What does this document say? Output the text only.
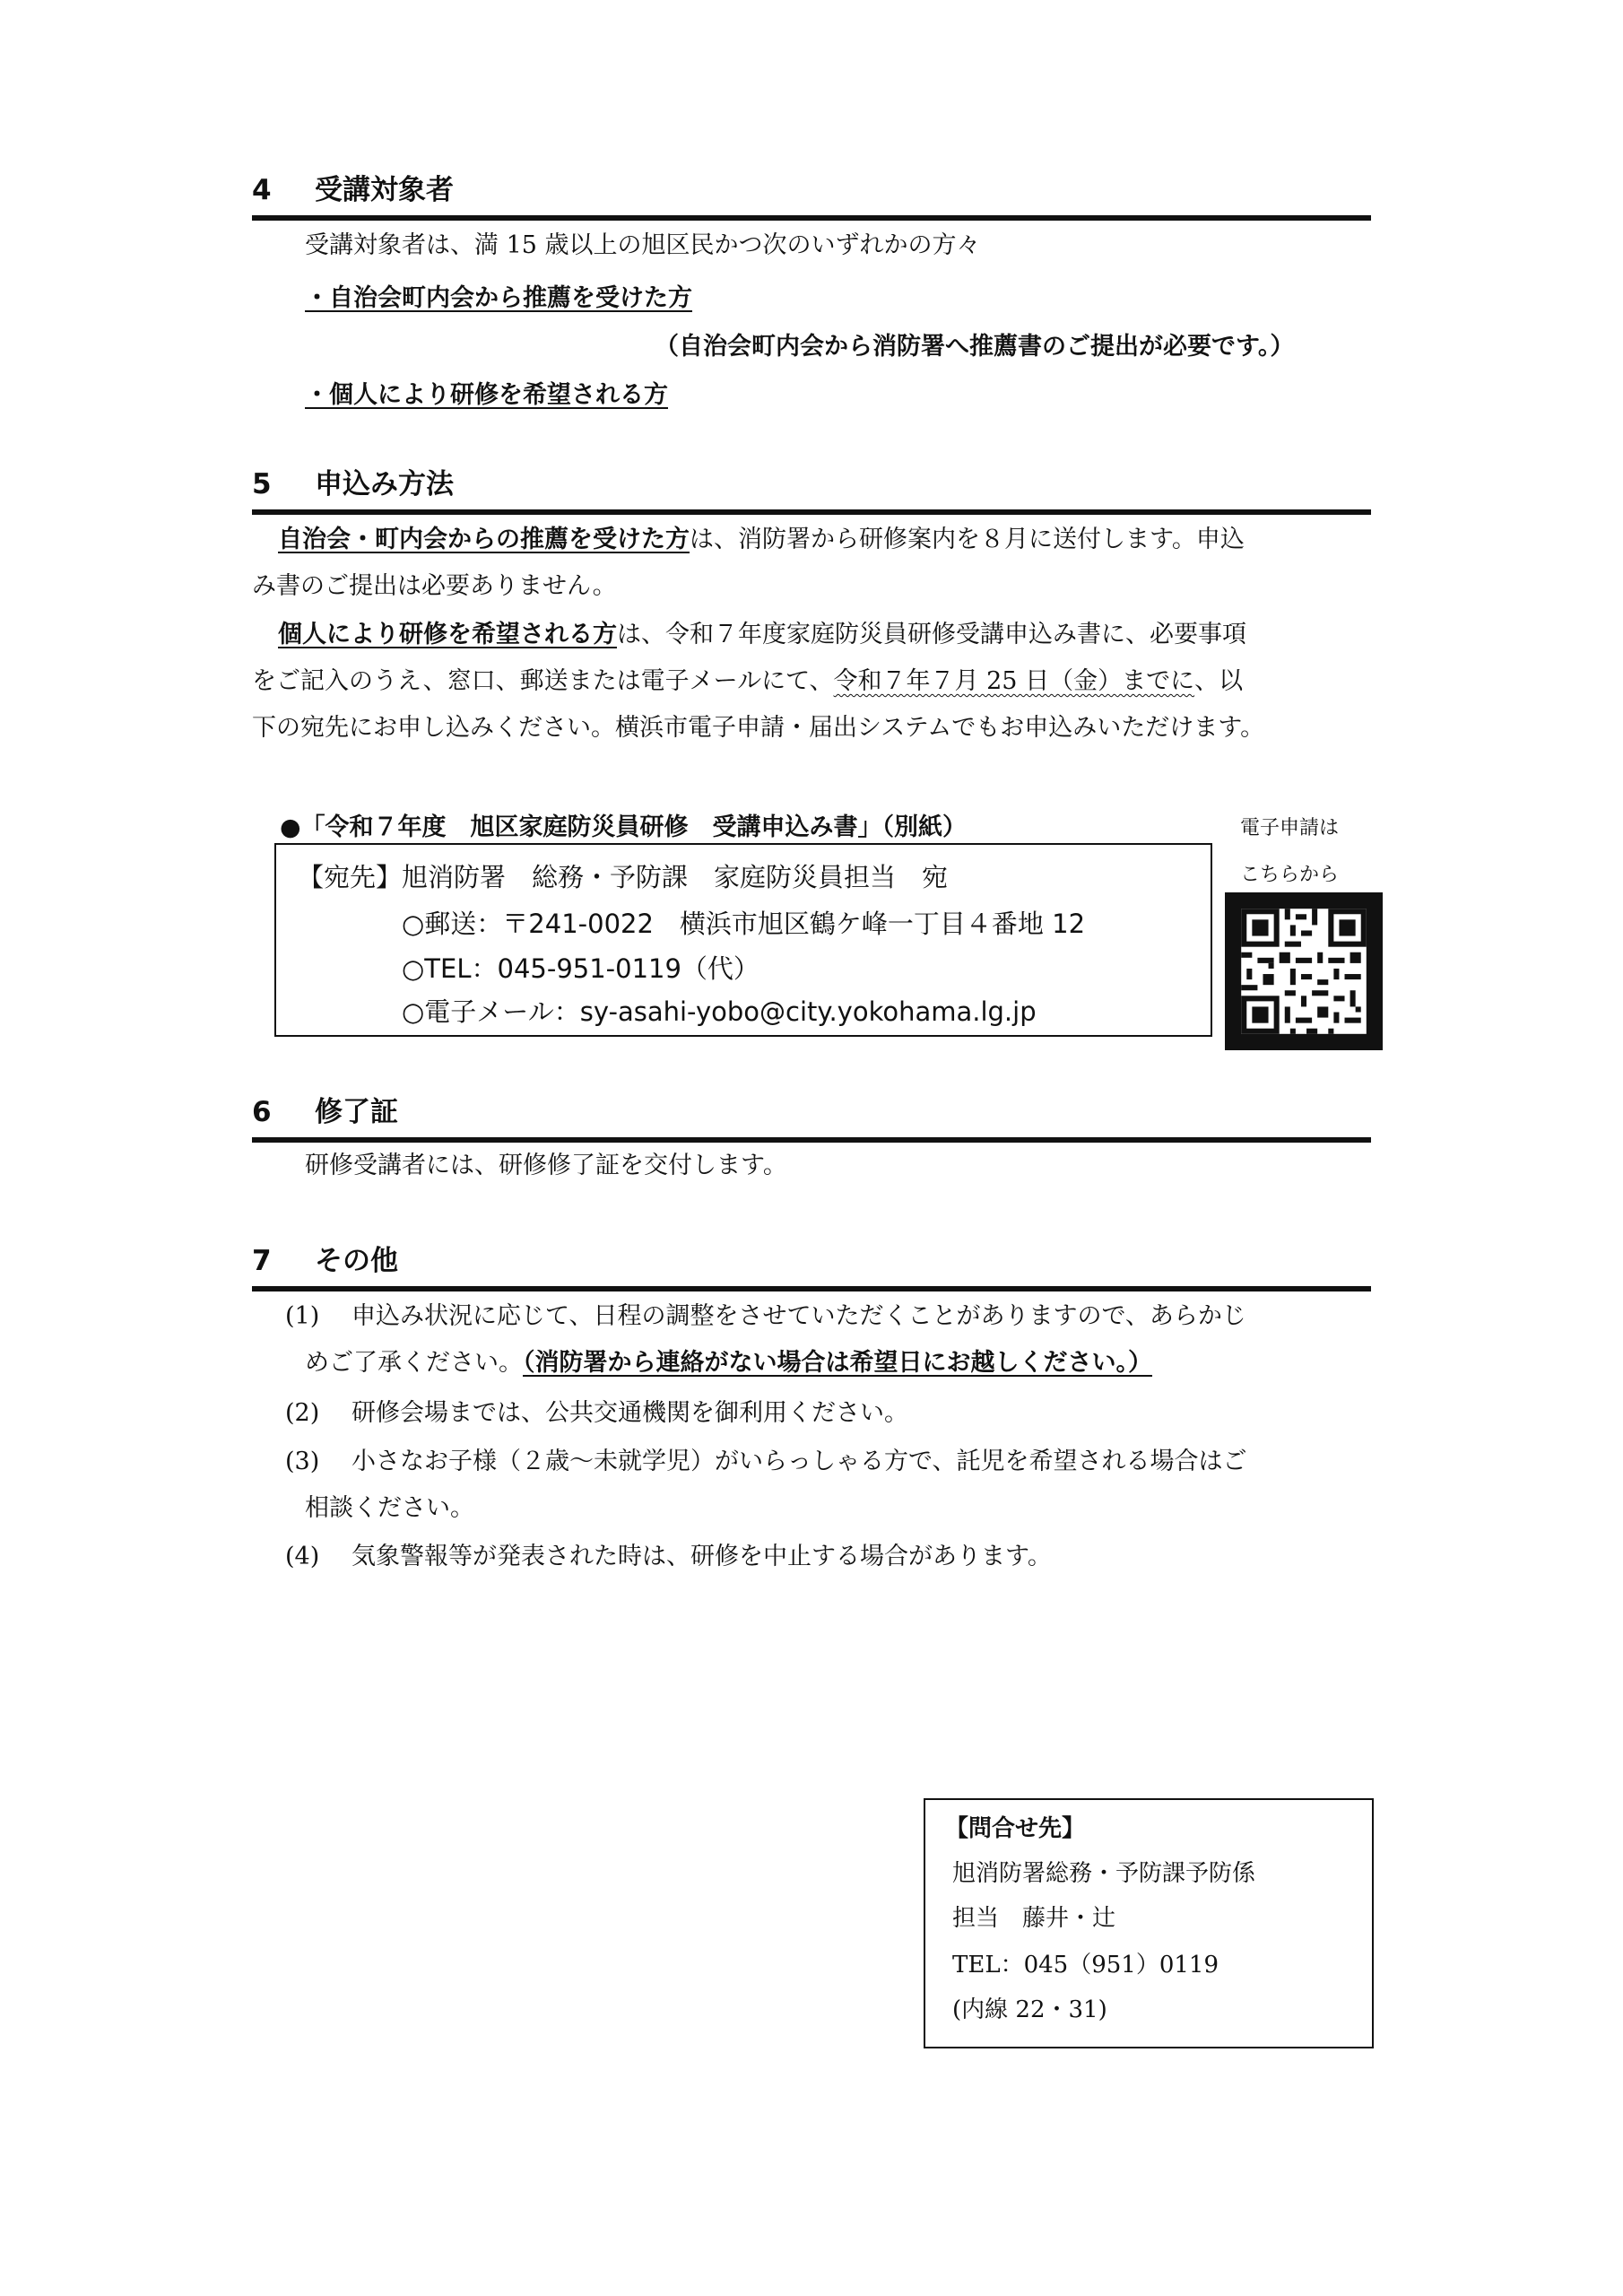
4 受講対象者
受講対象者は、満 15 歳以上の旭区民かつ次のいずれかの方々
・自治会町内会から推薦を受けた方
（自治会町内会から消防署へ推薦書のご提出が必要です。）
・個人により研修を希望される方
5 申込み方法
自治会・町内会からの推薦を受けた方は、消防署から研修案内を８月に送付します。申込
み書のご提出は必要ありません。
個人により研修を希望される方は、令和７年度家庭防災員研修受講申込み書に、必要事項
をご記入のうえ、窓口、郵送または電子メールにて、令和７年７月 25 日（金）までに、以
下の宛先にお申し込みください。横浜市電子申請・届出システムでもお申込みいただけます。
●「令和７年度　旭区家庭防災員研修　受講申込み書」（別紙）
【宛先】旭消防署　総務・予防課　家庭防災員担当　宛
○郵送：〒241-0022　横浜市旭区鶴ケ峰一丁目４番地 12
○TEL：045-951-0119（代）
○電子メール：sy-asahi-yobo@city.yokohama.lg.jp
電子申請は
こちらから
6 修了証
研修受講者には、研修修了証を交付します。
7 その他
(1) 申込み状況に応じて、日程の調整をさせていただくことがありますので、あらかじ
めご了承ください。（消防署から連絡がない場合は希望日にお越しください。）
(2) 研修会場までは、公共交通機関を御利用ください。
(3) 小さなお子様（２歳～未就学児）がいらっしゃる方で、託児を希望される場合はご
相談ください。
(4) 気象警報等が発表された時は、研修を中止する場合があります。
【問合せ先】
旭消防署総務・予防課予防係
担当　藤井・辻
TEL：045（951）0119
(内線 22・31)
